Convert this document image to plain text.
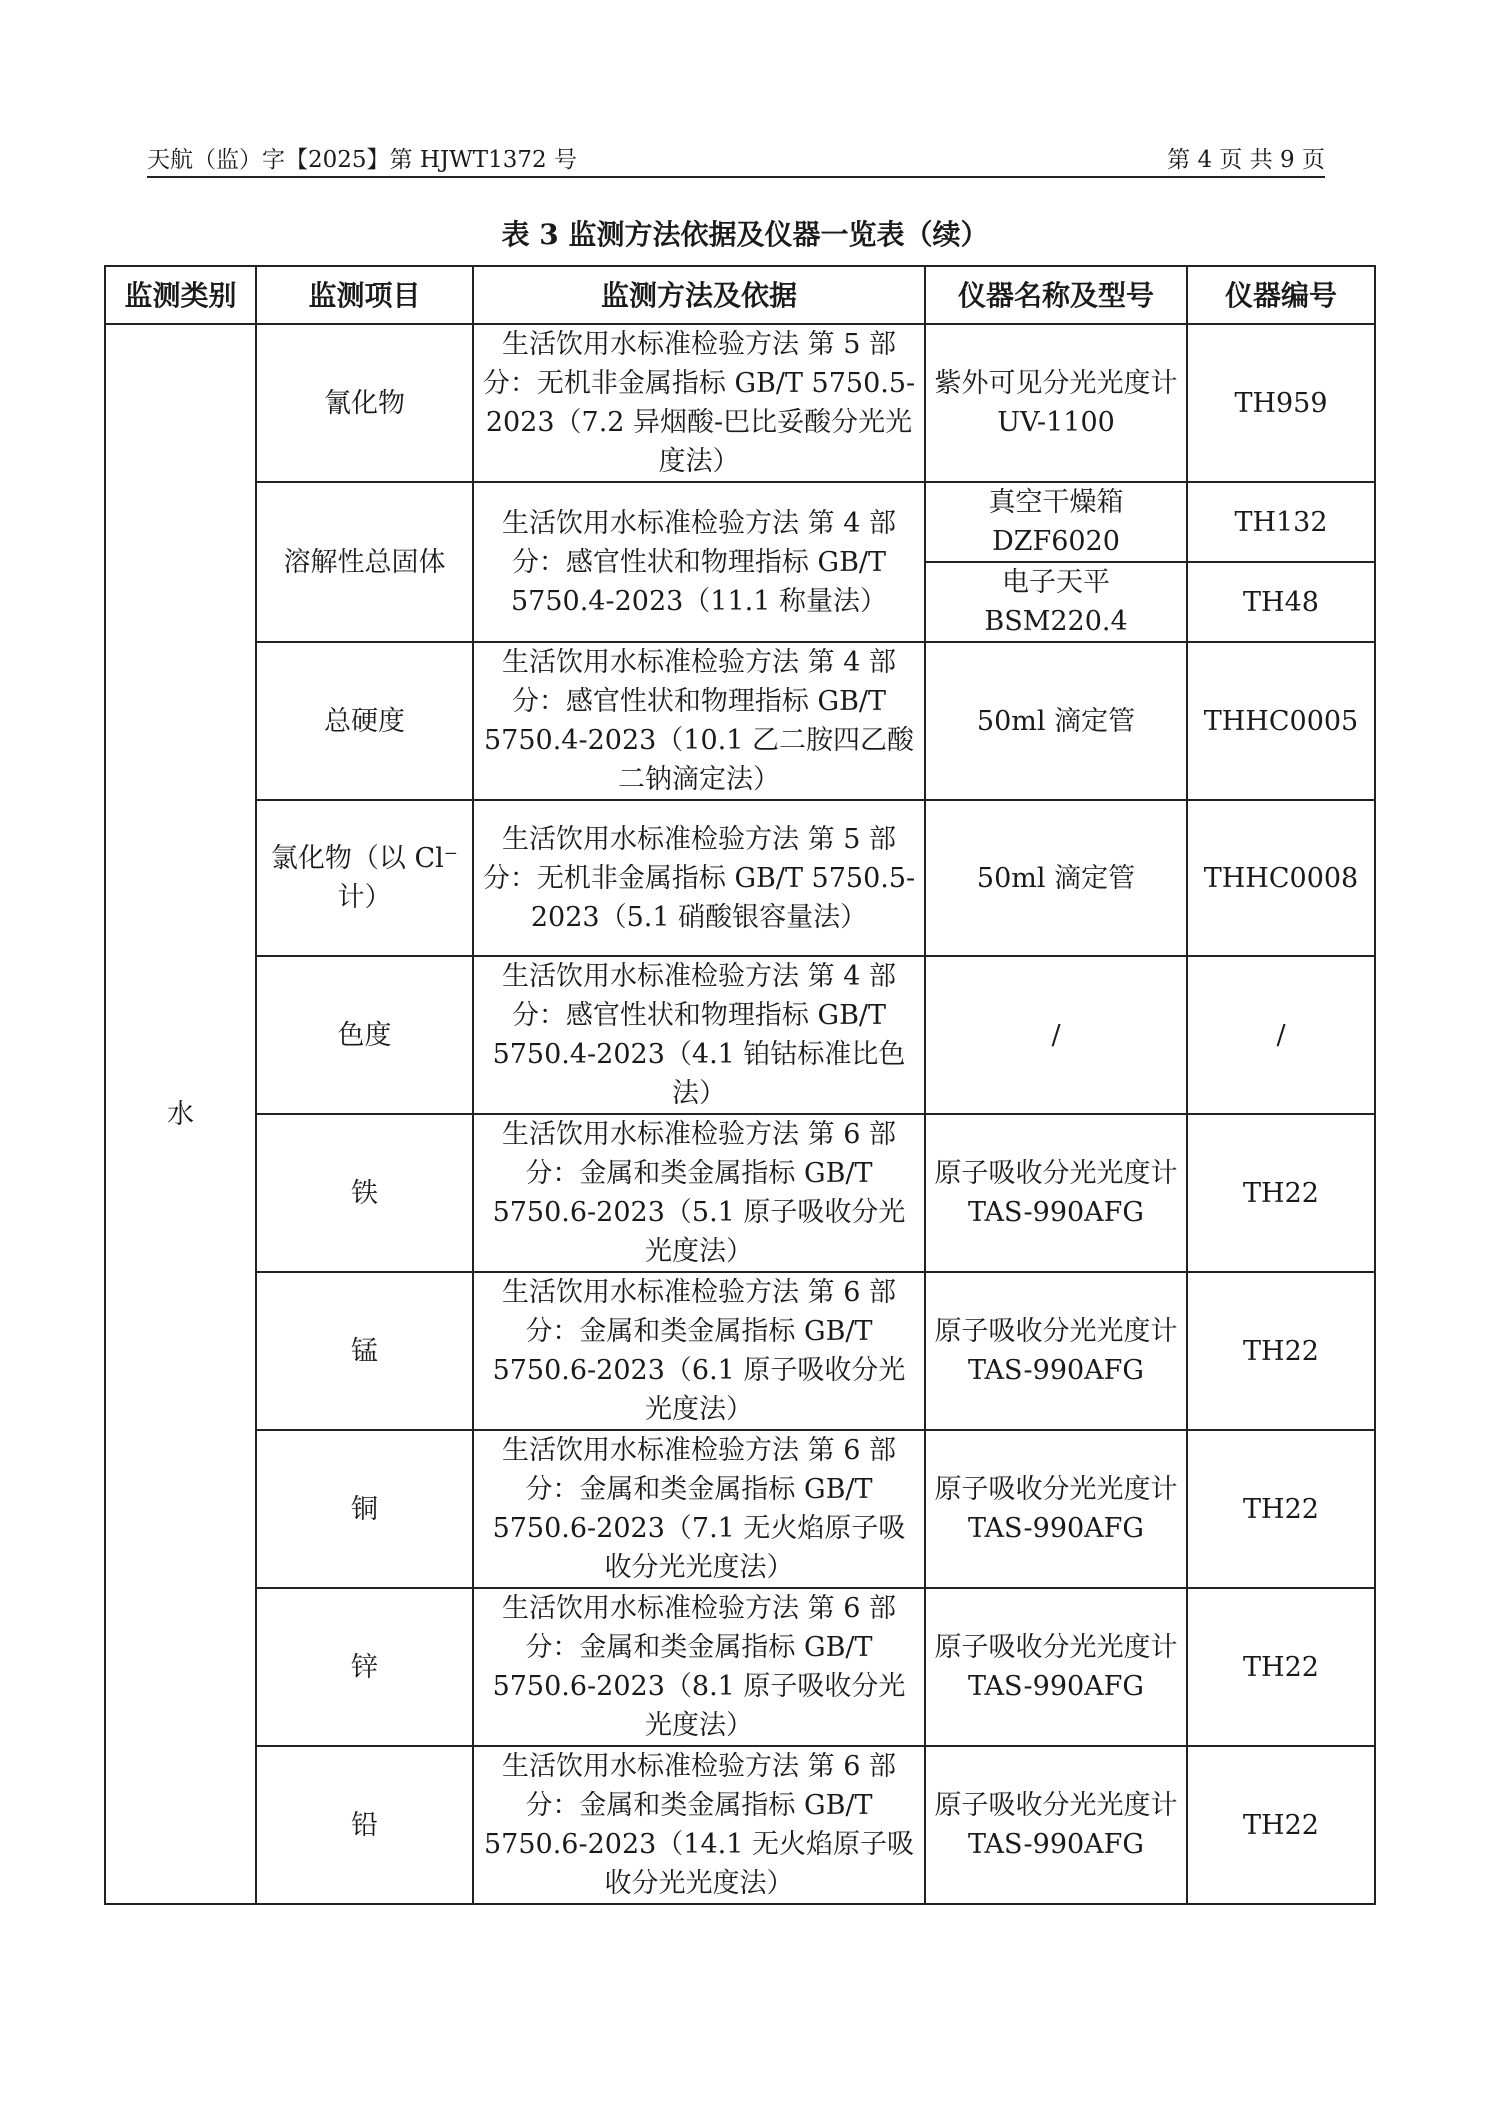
天航（监）字【2025】第 HJWT1372 号	第 4 页 共 9 页
表 3 监测方法依据及仪器一览表（续）
监测类别	监测项目	监测方法及依据	仪器名称及型号	仪器编号
水	氰化物	生活饮用水标准检验方法 第 5 部分：无机非金属指标 GB/T 5750.5-2023（7.2 异烟酸-巴比妥酸分光光度法）	紫外可见分光光度计 UV-1100	TH959
	溶解性总固体	生活饮用水标准检验方法 第 4 部分：感官性状和物理指标 GB/T 5750.4-2023（11.1 称量法）	真空干燥箱 DZF6020	TH132
			电子天平 BSM220.4	TH48
	总硬度	生活饮用水标准检验方法 第 4 部分：感官性状和物理指标 GB/T 5750.4-2023（10.1 乙二胺四乙酸二钠滴定法）	50ml 滴定管	THHC0005
	氯化物（以 Cl⁻计）	生活饮用水标准检验方法 第 5 部分：无机非金属指标 GB/T 5750.5-2023（5.1 硝酸银容量法）	50ml 滴定管	THHC0008
	色度	生活饮用水标准检验方法 第 4 部分：感官性状和物理指标 GB/T 5750.4-2023（4.1 铂钴标准比色法）	/	/
	铁	生活饮用水标准检验方法 第 6 部分：金属和类金属指标 GB/T 5750.6-2023（5.1 原子吸收分光光度法）	原子吸收分光光度计 TAS-990AFG	TH22
	锰	生活饮用水标准检验方法 第 6 部分：金属和类金属指标 GB/T 5750.6-2023（6.1 原子吸收分光光度法）	原子吸收分光光度计 TAS-990AFG	TH22
	铜	生活饮用水标准检验方法 第 6 部分：金属和类金属指标 GB/T 5750.6-2023（7.1 无火焰原子吸收分光光度法）	原子吸收分光光度计 TAS-990AFG	TH22
	锌	生活饮用水标准检验方法 第 6 部分：金属和类金属指标 GB/T 5750.6-2023（8.1 原子吸收分光光度法）	原子吸收分光光度计 TAS-990AFG	TH22
	铅	生活饮用水标准检验方法 第 6 部分：金属和类金属指标 GB/T 5750.6-2023（14.1 无火焰原子吸收分光光度法）	原子吸收分光光度计 TAS-990AFG	TH22
